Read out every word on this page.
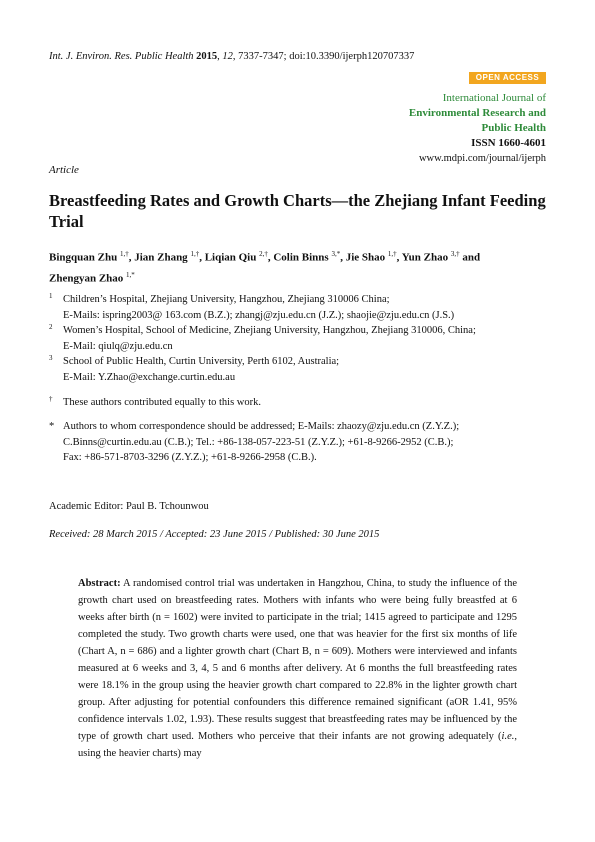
Int. J. Environ. Res. Public Health 2015, 12, 7337-7347; doi:10.3390/ijerph120707337
OPEN ACCESS
International Journal of
Environmental Research and
Public Health
ISSN 1660-4601
www.mdpi.com/journal/ijerph
Article
Breastfeeding Rates and Growth Charts—the Zhejiang Infant Feeding Trial
Bingquan Zhu $^{1,\dagger}$, Jian Zhang $^{1,\dagger}$, Liqian Qiu $^{2,\dagger}$, Colin Binns $^{3,*}$, Jie Shao $^{1,\dagger}$, Yun Zhao $^{3,\dagger}$ and
Zhengyan Zhao $^{1,*}$
1 Children’s Hospital, Zhejiang University, Hangzhou, Zhejiang 310006 China;
E-Mails: ispring2003@ 163.com (B.Z.); zhangj@zju.edu.cn (J.Z.); shaojie@zju.edu.cn (J.S.)
2 Women’s Hospital, School of Medicine, Zhejiang University, Hangzhou, Zhejiang 310006, China;
E-Mail: qiulq@zju.edu.cn
3 School of Public Health, Curtin University, Perth 6102, Australia;
E-Mail: Y.Zhao@exchange.curtin.edu.au
† These authors contributed equally to this work.
* Authors to whom correspondence should be addressed; E-Mails: zhaozy@zju.edu.cn (Z.Y.Z.);
C.Binns@curtin.edu.au (C.B.); Tel.: +86-138-057-223-51 (Z.Y.Z.); +61-8-9266-2952 (C.B.);
Fax: +86-571-8703-3296 (Z.Y.Z.); +61-8-9266-2958 (C.B.).
Academic Editor: Paul B. Tchounwou
Received: 28 March 2015 / Accepted: 23 June 2015 / Published: 30 June 2015
Abstract: A randomised control trial was undertaken in Hangzhou, China, to study the influence of the growth chart used on breastfeeding rates. Mothers with infants who were being fully breastfed at 6 weeks after birth (n = 1602) were invited to participate in the trial; 1415 agreed to participate and 1295 completed the study. Two growth charts were used, one that was heavier for the first six months of life (Chart A, n = 686) and a lighter growth chart (Chart B, n = 609). Mothers were interviewed and infants measured at 6 weeks and 3, 4, 5 and 6 months after delivery. At 6 months the full breastfeeding rates were 18.1% in the group using the heavier growth chart compared to 22.8% in the lighter growth chart group. After adjusting for potential confounders this difference remained significant (aOR 1.41, 95% confidence intervals 1.02, 1.93). These results suggest that breastfeeding rates may be influenced by the type of growth chart used. Mothers who perceive that their infants are not growing adequately (i.e., using the heavier charts) may
